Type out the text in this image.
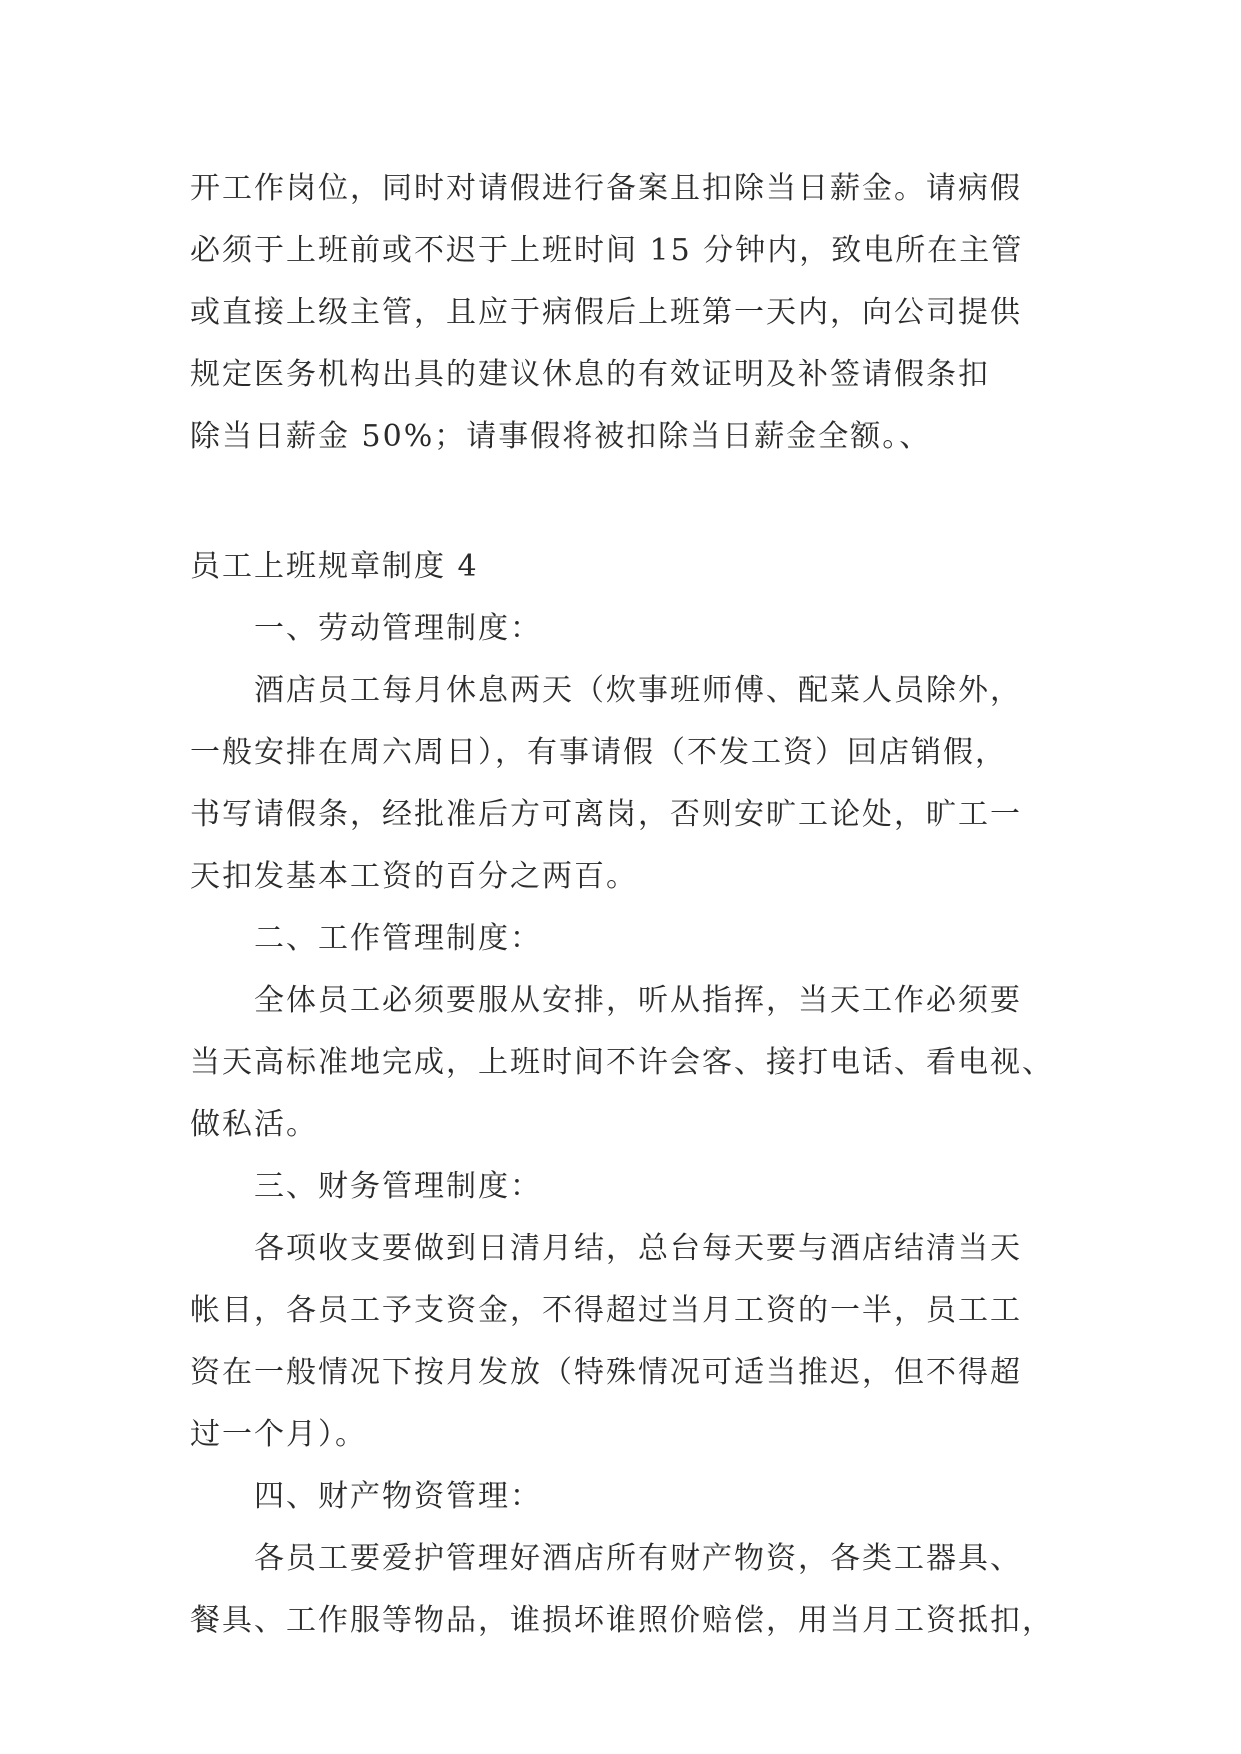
开工作岗位，同时对请假进行备案且扣除当日薪金。请病假
必须于上班前或不迟于上班时间 15 分钟内，致电所在主管
或直接上级主管，且应于病假后上班第一天内，向公司提供
规定医务机构出具的建议休息的有效证明及补签请假条扣
除当日薪金 50%；请事假将被扣除当日薪金全额。、
员工上班规章制度 4
一、劳动管理制度：
酒店员工每月休息两天（炊事班师傅、配菜人员除外，
一般安排在周六周日），有事请假（不发工资）回店销假，
书写请假条，经批准后方可离岗，否则安旷工论处，旷工一
天扣发基本工资的百分之两百。
二、工作管理制度：
全体员工必须要服从安排，听从指挥，当天工作必须要
当天高标准地完成，上班时间不许会客、接打电话、看电视、
做私活。
三、财务管理制度：
各项收支要做到日清月结，总台每天要与酒店结清当天
帐目，各员工予支资金，不得超过当月工资的一半，员工工
资在一般情况下按月发放（特殊情况可适当推迟，但不得超
过一个月）。
四、财产物资管理：
各员工要爱护管理好酒店所有财产物资，各类工器具、
餐具、工作服等物品，谁损坏谁照价赔偿，用当月工资抵扣，
